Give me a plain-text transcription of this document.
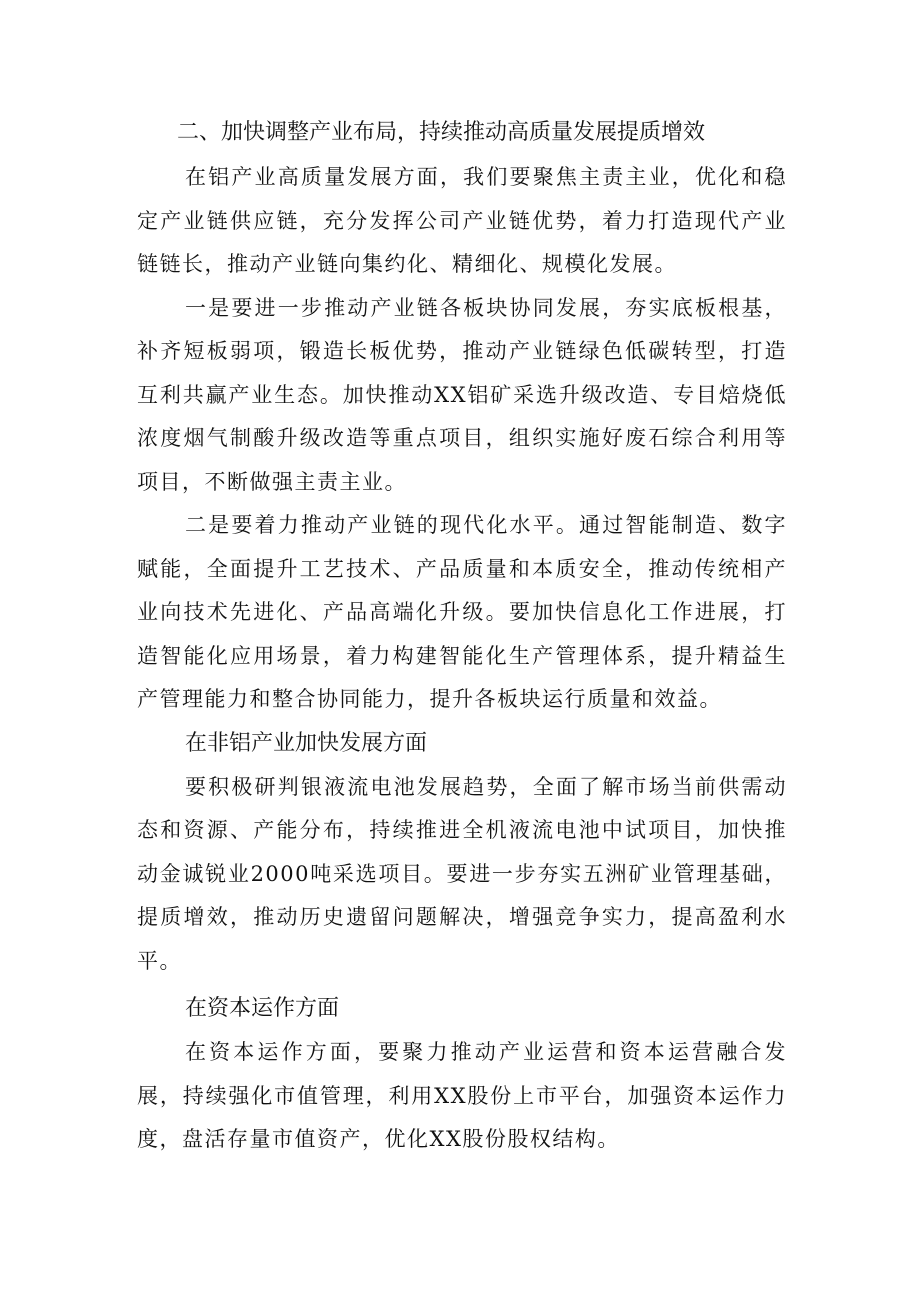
二、加快调整产业布局，持续推动高质量发展提质增效

在铝产业高质量发展方面，我们要聚焦主责主业，优化和稳定产业链供应链，充分发挥公司产业链优势，着力打造现代产业链链长，推动产业链向集约化、精细化、规模化发展。

一是要进一步推动产业链各板块协同发展，夯实底板根基，补齐短板弱项，锻造长板优势，推动产业链绿色低碳转型，打造互利共赢产业生态。加快推动XX铝矿采选升级改造、专目焙烧低浓度烟气制酸升级改造等重点项目，组织实施好废石综合利用等项目，不断做强主责主业。

二是要着力推动产业链的现代化水平。通过智能制造、数字赋能，全面提升工艺技术、产品质量和本质安全，推动传统相产业向技术先进化、产品高端化升级。要加快信息化工作进展，打造智能化应用场景，着力构建智能化生产管理体系，提升精益生产管理能力和整合协同能力，提升各板块运行质量和效益。

在非铝产业加快发展方面

要积极研判银液流电池发展趋势，全面了解市场当前供需动态和资源、产能分布，持续推进全机液流电池中试项目，加快推动金诚锐业2000吨采选项目。要进一步夯实五洲矿业管理基础，提质增效，推动历史遗留问题解决，增强竞争实力，提高盈利水平。

在资本运作方面

在资本运作方面，要聚力推动产业运营和资本运营融合发展，持续强化市值管理，利用XX股份上市平台，加强资本运作力度，盘活存量市值资产，优化XX股份股权结构。
